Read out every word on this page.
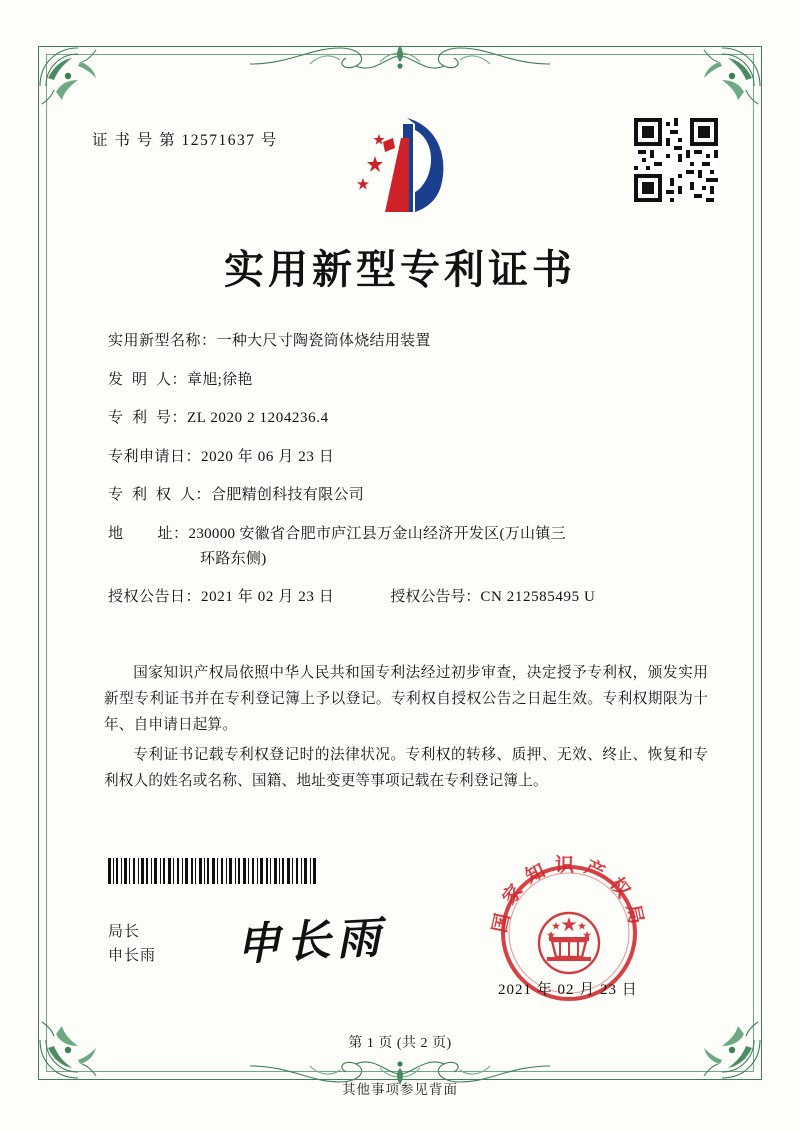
证 书 号 第 12571637 号
实用新型专利证书
实用新型名称： 一种大尺寸陶瓷筒体烧结用装置
发  明  人： 章旭;徐艳
专  利  号： ZL 2020 2 1204236.4
专利申请日： 2020 年 06 月 23 日
专  利  权  人： 合肥精创科技有限公司
地        址： 230000 安徽省合肥市庐江县万金山经济开发区(万山镇三
环路东侧)
授权公告日： 2021 年 02 月 23 日	授权公告号： CN 212585495 U

国家知识产权局依照中华人民共和国专利法经过初步审查，决定授予专利权，颁发实用新型专利证书并在专利登记簿上予以登记。专利权自授权公告之日起生效。专利权期限为十年、自申请日起算。

专利证书记载专利权登记时的法律状况。专利权的转移、质押、无效、终止、恢复和专利权人的姓名或名称、国籍、地址变更等事项记载在专利登记簿上。

局长
申长雨 申长雨	国家知识产权局
2021 年 02 月 23 日
第 1 页 (共 2 页)
其他事项参见背面
